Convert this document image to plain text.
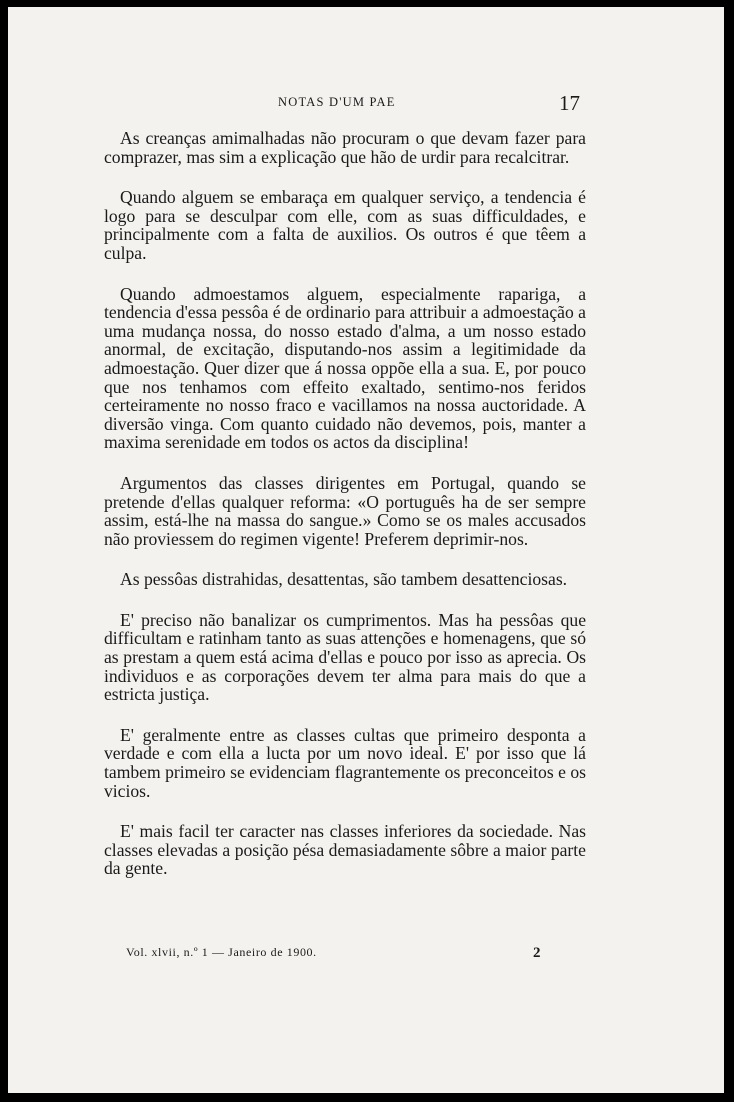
NOTAS D'UM PAE	17

As creanças amimalhadas não procuram o que devam fazer para comprazer, mas sim a explicação que hão de urdir para recalcitrar.

Quando alguem se embaraça em qualquer serviço, a tendencia é logo para se desculpar com elle, com as suas difficuldades, e principalmente com a falta de auxilios. Os outros é que têem a culpa.

Quando admoestamos alguem, especialmente rapariga, a tendencia d'essa pessôa é de ordinario para attribuir a admoestação a uma mudança nossa, do nosso estado d'alma, a um nosso estado anormal, de excitação, disputando-nos assim a legitimidade da admoestação. Quer dizer que á nossa oppõe ella a sua. E, por pouco que nos tenhamos com effeito exaltado, sentimo-nos feridos certeiramente no nosso fraco e vacillamos na nossa auctoridade. A diversão vinga. Com quanto cuidado não devemos, pois, manter a maxima serenidade em todos os actos da disciplina!

Argumentos das classes dirigentes em Portugal, quando se pretende d'ellas qualquer reforma: «O português ha de ser sempre assim, está-lhe na massa do sangue.» Como se os males accusados não proviessem do regimen vigente! Preferem deprimir-nos.

As pessôas distrahidas, desattentas, são tambem desattenciosas.

E' preciso não banalizar os cumprimentos. Mas ha pessôas que difficultam e ratinham tanto as suas attenções e homenagens, que só as prestam a quem está acima d'ellas e pouco por isso as aprecia. Os individuos e as corporações devem ter alma para mais do que a estricta justiça.

E' geralmente entre as classes cultas que primeiro desponta a verdade e com ella a lucta por um novo ideal. E' por isso que lá tambem primeiro se evidenciam flagrantemente os preconceitos e os vicios.

E' mais facil ter caracter nas classes inferiores da sociedade. Nas classes elevadas a posição pésa demasiadamente sôbre a maior parte da gente.

Vol. xlvii, n.º 1 — Janeiro de 1900.	2
